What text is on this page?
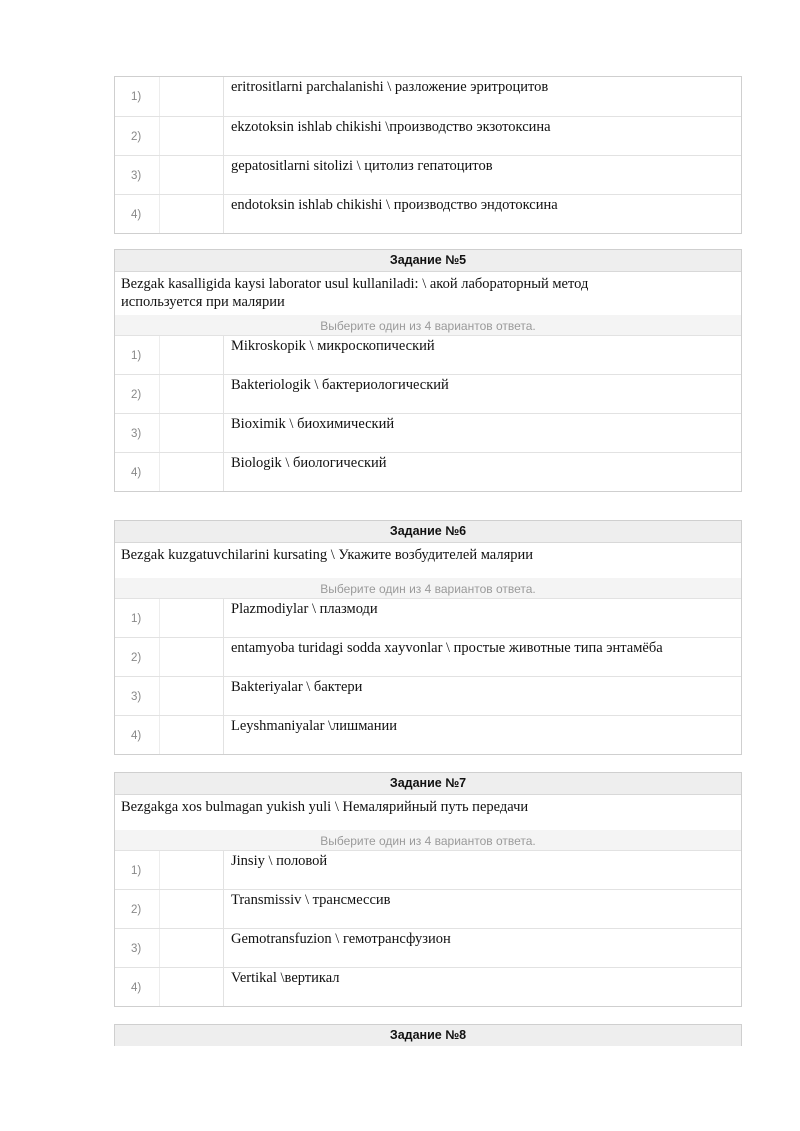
1)
eritrositlarni parchalanishi \ разложение эритроцитов
2)
ekzotoksin ishlab chikishi \производство экзотоксина
3)
gepatositlarni sitolizi \ цитолиз гепатоцитов
4)
endotoksin ishlab chikishi \ производство эндотоксина
Задание №5
Bezgak kasalligida kaysi laborator usul kullaniladi: \ акой лабораторный метод
используется при малярии
Выберите один из 4 вариантов ответа.
1)
Mikroskopik \ микроскопический
2)
Bakteriologik \ бактериологический
3)
Bioximik \ биохимический
4)
Biologik \ биологический
Задание №6
Bezgak kuzgatuvchilarini kursating \ Укажите возбудителей малярии
Выберите один из 4 вариантов ответа.
1)
Plazmodiylar \ плазмоди
2)
entamyoba turidagi sodda xayvonlar \ простые животные типа энтамёба
3)
Bakteriyalar \ бактери
4)
Leyshmaniyalar \лишмании
Задание №7
Bezgakga xos bulmagan yukish yuli \ Немалярийный путь передачи
Выберите один из 4 вариантов ответа.
1)
Jinsiy \ половой
2)
Transmissiv \ трансмессив
3)
Gemotransfuzion \ гемотрансфузион
4)
Vertikal \вертикал
Задание №8
